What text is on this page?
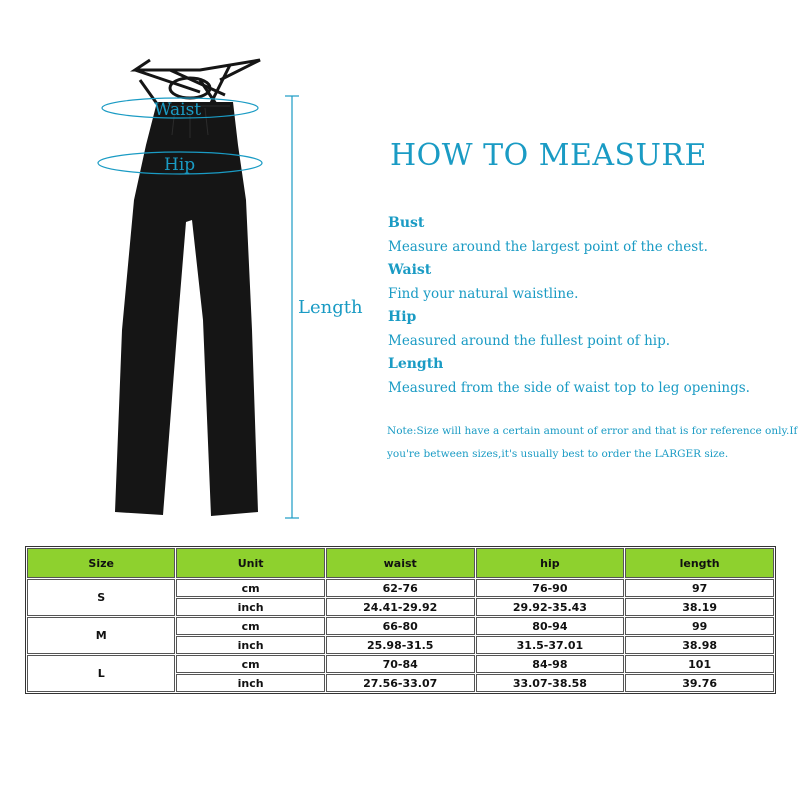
Waist
Hip
Length
HOW TO MEASURE
Bust
Measure around the largest point of the chest.
Waist
Find your natural waistline.
Hip
Measured around the fullest point of hip.
Length
Measured from the side of waist top to leg openings.
Note:Size will have a certain amount of error and that is for reference only.If
you're between sizes,it's usually best to order the LARGER size.
Size	Unit	waist	hip	length
S	cm	62-76	76-90	97
	inch	24.41-29.92	29.92-35.43	38.19
M	cm	66-80	80-94	99
	inch	25.98-31.5	31.5-37.01	38.98
L	cm	70-84	84-98	101
	inch	27.56-33.07	33.07-38.58	39.76
